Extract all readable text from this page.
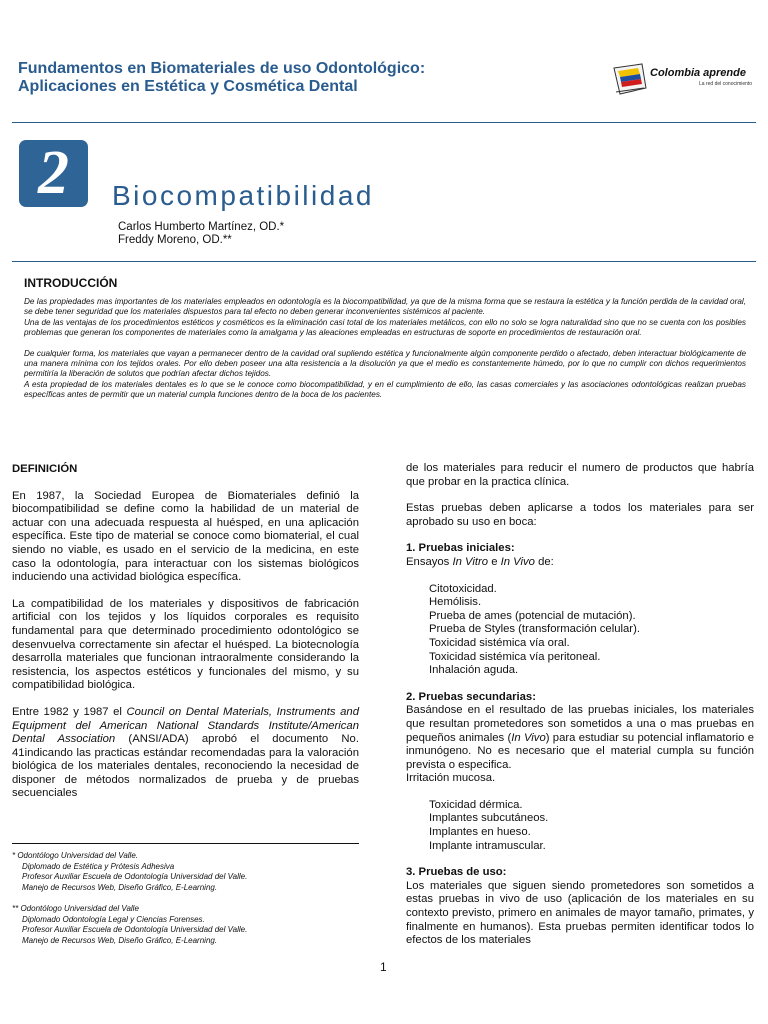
Fundamentos en Biomateriales de uso Odontológico:
Aplicaciones en Estética y Cosmética Dental
Colombia aprende
La red del conocimiento
2	Biocompatibilidad
Carlos Humberto Martínez, OD.*
Freddy Moreno, OD.**
INTRODUCCIÓN

De las propiedades mas importantes de los materiales empleados en odontología es la biocompatibilidad, ya que de la misma forma que se restaura la estética y la función perdida de la cavidad oral, se debe tener seguridad que los materiales dispuestos para tal efecto no deben generar inconvenientes sistémicos al paciente.

Una de las ventajas de los procedimientos estéticos y cosméticos es la eliminación casi total de los materiales metálicos, con ello no solo se logra naturalidad sino que no se cuenta con los posibles problemas que generan los componentes de materiales como la amalgama y las aleaciones empleadas en estructuras de soporte en procedimientos de restauración oral.

De cualquier forma, los materiales que vayan a permanecer dentro de la cavidad oral supliendo estética y funcionalmente algún componente perdido o afectado, deben interactuar biológicamente de una manera mínima con los tejidos orales. Por ello deben poseer una alta resistencia a la disolución ya que el medio es constantemente húmedo, por lo que no cumplir con dichos requerimientos permitiría la liberación de solutos que podrían afectar dichos tejidos.

A esta propiedad de los materiales dentales es lo que se le conoce como biocompatibilidad, y en el cumplimiento de ello, las casas comerciales y las asociaciones odontológicas realizan pruebas específicas antes de permitir que un material cumpla funciones dentro de la boca de los pacientes.

DEFINICIÓN

En 1987, la Sociedad Europea de Biomateriales definió la biocompatibilidad se define como la habilidad de un material de actuar con una adecuada respuesta al huésped, en una aplicación específica. Este tipo de material se conoce como biomaterial, el cual siendo no viable, es usado en el servicio de la medicina, en este caso la odontología, para interactuar con los sistemas biológicos induciendo una actividad biológica específica.

La compatibilidad de los materiales y dispositivos de fabricación artificial con los tejidos y los líquidos corporales es requisito fundamental para que determinado procedimiento odontológico se desenvuelva correctamente sin afectar el huésped. La biotecnología desarrolla materiales que funcionan intraoralmente considerando la resistencia, los aspectos estéticos y funcionales del mismo, y su compatibilidad biológica.

Entre 1982 y 1987 el Council on Dental Materials, Instruments and Equipment del American National Standards Institute/American Dental Association (ANSI/ADA) aprobó el documento No. 41indicando las practicas estándar recomendadas para la valoración biológica de los materiales dentales, reconociendo la necesidad de disponer de métodos normalizados de prueba y de pruebas secuenciales

de los materiales para reducir el numero de productos que habría que probar en la practica clínica.

Estas pruebas deben aplicarse a todos los materiales para ser aprobado su uso en boca:

1. Pruebas iniciales:

Ensayos In Vitro e In Vivo de:

Citotoxicidad.
Hemólisis.
Prueba de ames (potencial de mutación).
Prueba de Styles (transformación celular).
Toxicidad sistémica vía oral.
Toxicidad sistémica vía peritoneal.
Inhalación aguda.

2. Pruebas secundarias:

Basándose en el resultado de las pruebas iniciales, los materiales que resultan prometedores son sometidos a una o mas pruebas en pequeños animales (In Vivo) para estudiar su potencial inflamatorio e inmunógeno. No es necesario que el material cumpla su función prevista o especifica.

Irritación mucosa.

Toxicidad dérmica.
Implantes subcutáneos.
Implantes en hueso.
Implante intramuscular.

3. Pruebas de uso:

Los materiales que siguen siendo prometedores son sometidos a estas pruebas in vivo de uso (aplicación de los materiales en su contexto previsto, primero en animales de mayor tamaño, primates, y finalmente en humanos). Esta pruebas permiten identificar todos lo efectos de los materiales

* Odontólogo Universidad del Valle.
Diplomado de Estética y Prótesis Adhesiva
Profesor Auxiliar Escuela de Odontología Universidad del Valle.
Manejo de Recursos Web, Diseño Gráfico, E-Learning.
** Odontólogo Universidad del Valle
Diplomado Odontología Legal y Ciencias Forenses.
Profesor Auxiliar Escuela de Odontología Universidad del Valle.
Manejo de Recursos Web, Diseño Gráfico, E-Learning.
1
